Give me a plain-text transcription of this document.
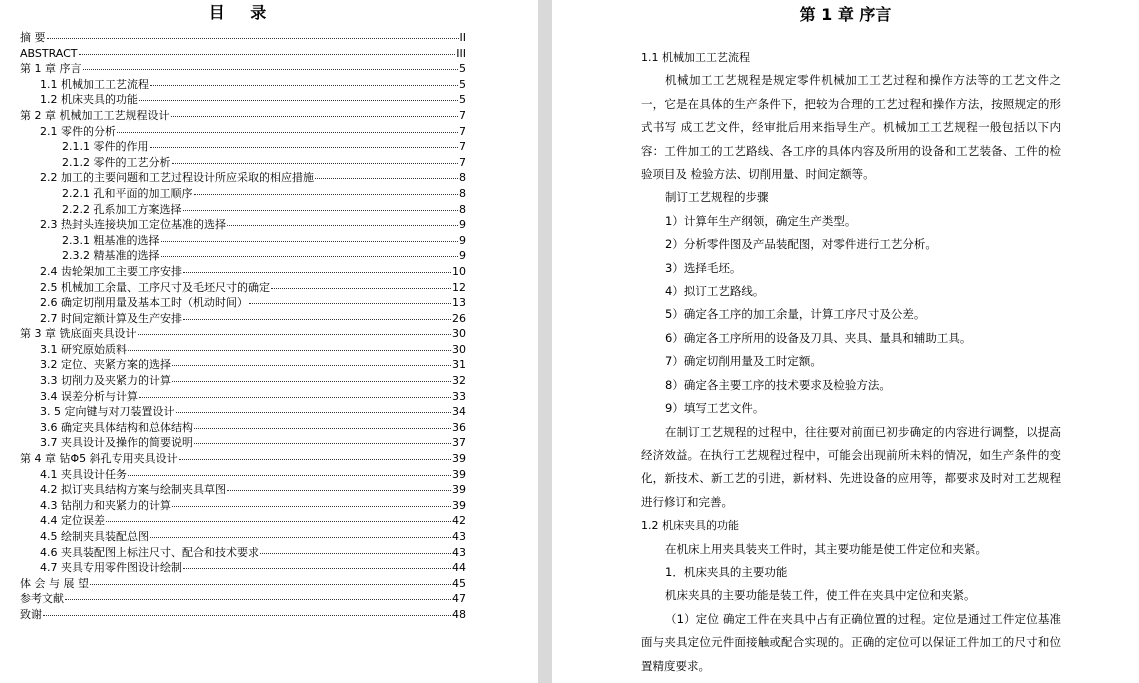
目 录
摘 要	II
ABSTRACT	III
第 1 章 序言	5
1.1 机械加工工艺流程	5
1.2 机床夹具的功能	5
第 2 章 机械加工工艺规程设计	7
2.1 零件的分析	7
2.1.1 零件的作用	7
2.1.2 零件的工艺分析	7
2.2 加工的主要问题和工艺过程设计所应采取的相应措施	8
2.2.1 孔和平面的加工顺序	8
2.2.2 孔系加工方案选择	8
2.3 热封头连接块加工定位基准的选择	9
2.3.1 粗基准的选择	9
2.3.2 精基准的选择	9
2.4 齿轮架加工主要工序安排	10
2.5 机械加工余量、工序尺寸及毛坯尺寸的确定	12
2.6 确定切削用量及基本工时（机动时间）	13
2.7 时间定额计算及生产安排	26
第 3 章 铣底面夹具设计	30
3.1 研究原始质料	30
3.2 定位、夹紧方案的选择	31
3.3 切削力及夹紧力的计算	32
3.4 误差分析与计算	33
3. 5 定向键与对刀装置设计	34
3.6 确定夹具体结构和总体结构	36
3.7 夹具设计及操作的简要说明	37
第 4 章 钻Φ5 斜孔专用夹具设计	39
4.1 夹具设计任务	39
4.2 拟订夹具结构方案与绘制夹具草图	39
4.3 钻削力和夹紧力的计算	39
4.4 定位误差	42
4.5 绘制夹具装配总图	43
4.6 夹具装配图上标注尺寸、配合和技术要求	43
4.7 夹具专用零件图设计绘制	44
体 会 与 展 望	45
参考文献	47
致谢	48
第 1 章 序言

1.1 机械加工工艺流程

机械加工工艺规程是规定零件机械加工工艺过程和操作方法等的工艺文件之一，它是在具体的生产条件下，把较为合理的工艺过程和操作方法，按照规定的形式书写 成工艺文件，经审批后用来指导生产。机械加工工艺规程一般包括以下内容：工件加工的工艺路线、各工序的具体内容及所用的设备和工艺装备、工件的检验项目及 检验方法、切削用量、时间定额等。

制订工艺规程的步骤

1）计算年生产纲领，确定生产类型。

2）分析零件图及产品装配图，对零件进行工艺分析。

3）选择毛坯。

4）拟订工艺路线。

5）确定各工序的加工余量，计算工序尺寸及公差。

6）确定各工序所用的设备及刀具、夹具、量具和辅助工具。

7）确定切削用量及工时定额。

8）确定各主要工序的技术要求及检验方法。

9）填写工艺文件。

在制订工艺规程的过程中，往往要对前面已初步确定的内容进行调整，以提高经济效益。在执行工艺规程过程中，可能会出现前所未料的情况，如生产条件的变化，新技术、新工艺的引进，新材料、先进设备的应用等，都要求及时对工艺规程进行修订和完善。

1.2 机床夹具的功能

在机床上用夹具装夹工件时，其主要功能是使工件定位和夹紧。

1．机床夹具的主要功能

机床夹具的主要功能是装工件，使工件在夹具中定位和夹紧。

（1）定位 确定工件在夹具中占有正确位置的过程。定位是通过工件定位基准面与夹具定位元件面接触或配合实现的。正确的定位可以保证工件加工的尺寸和位置精度要求。
